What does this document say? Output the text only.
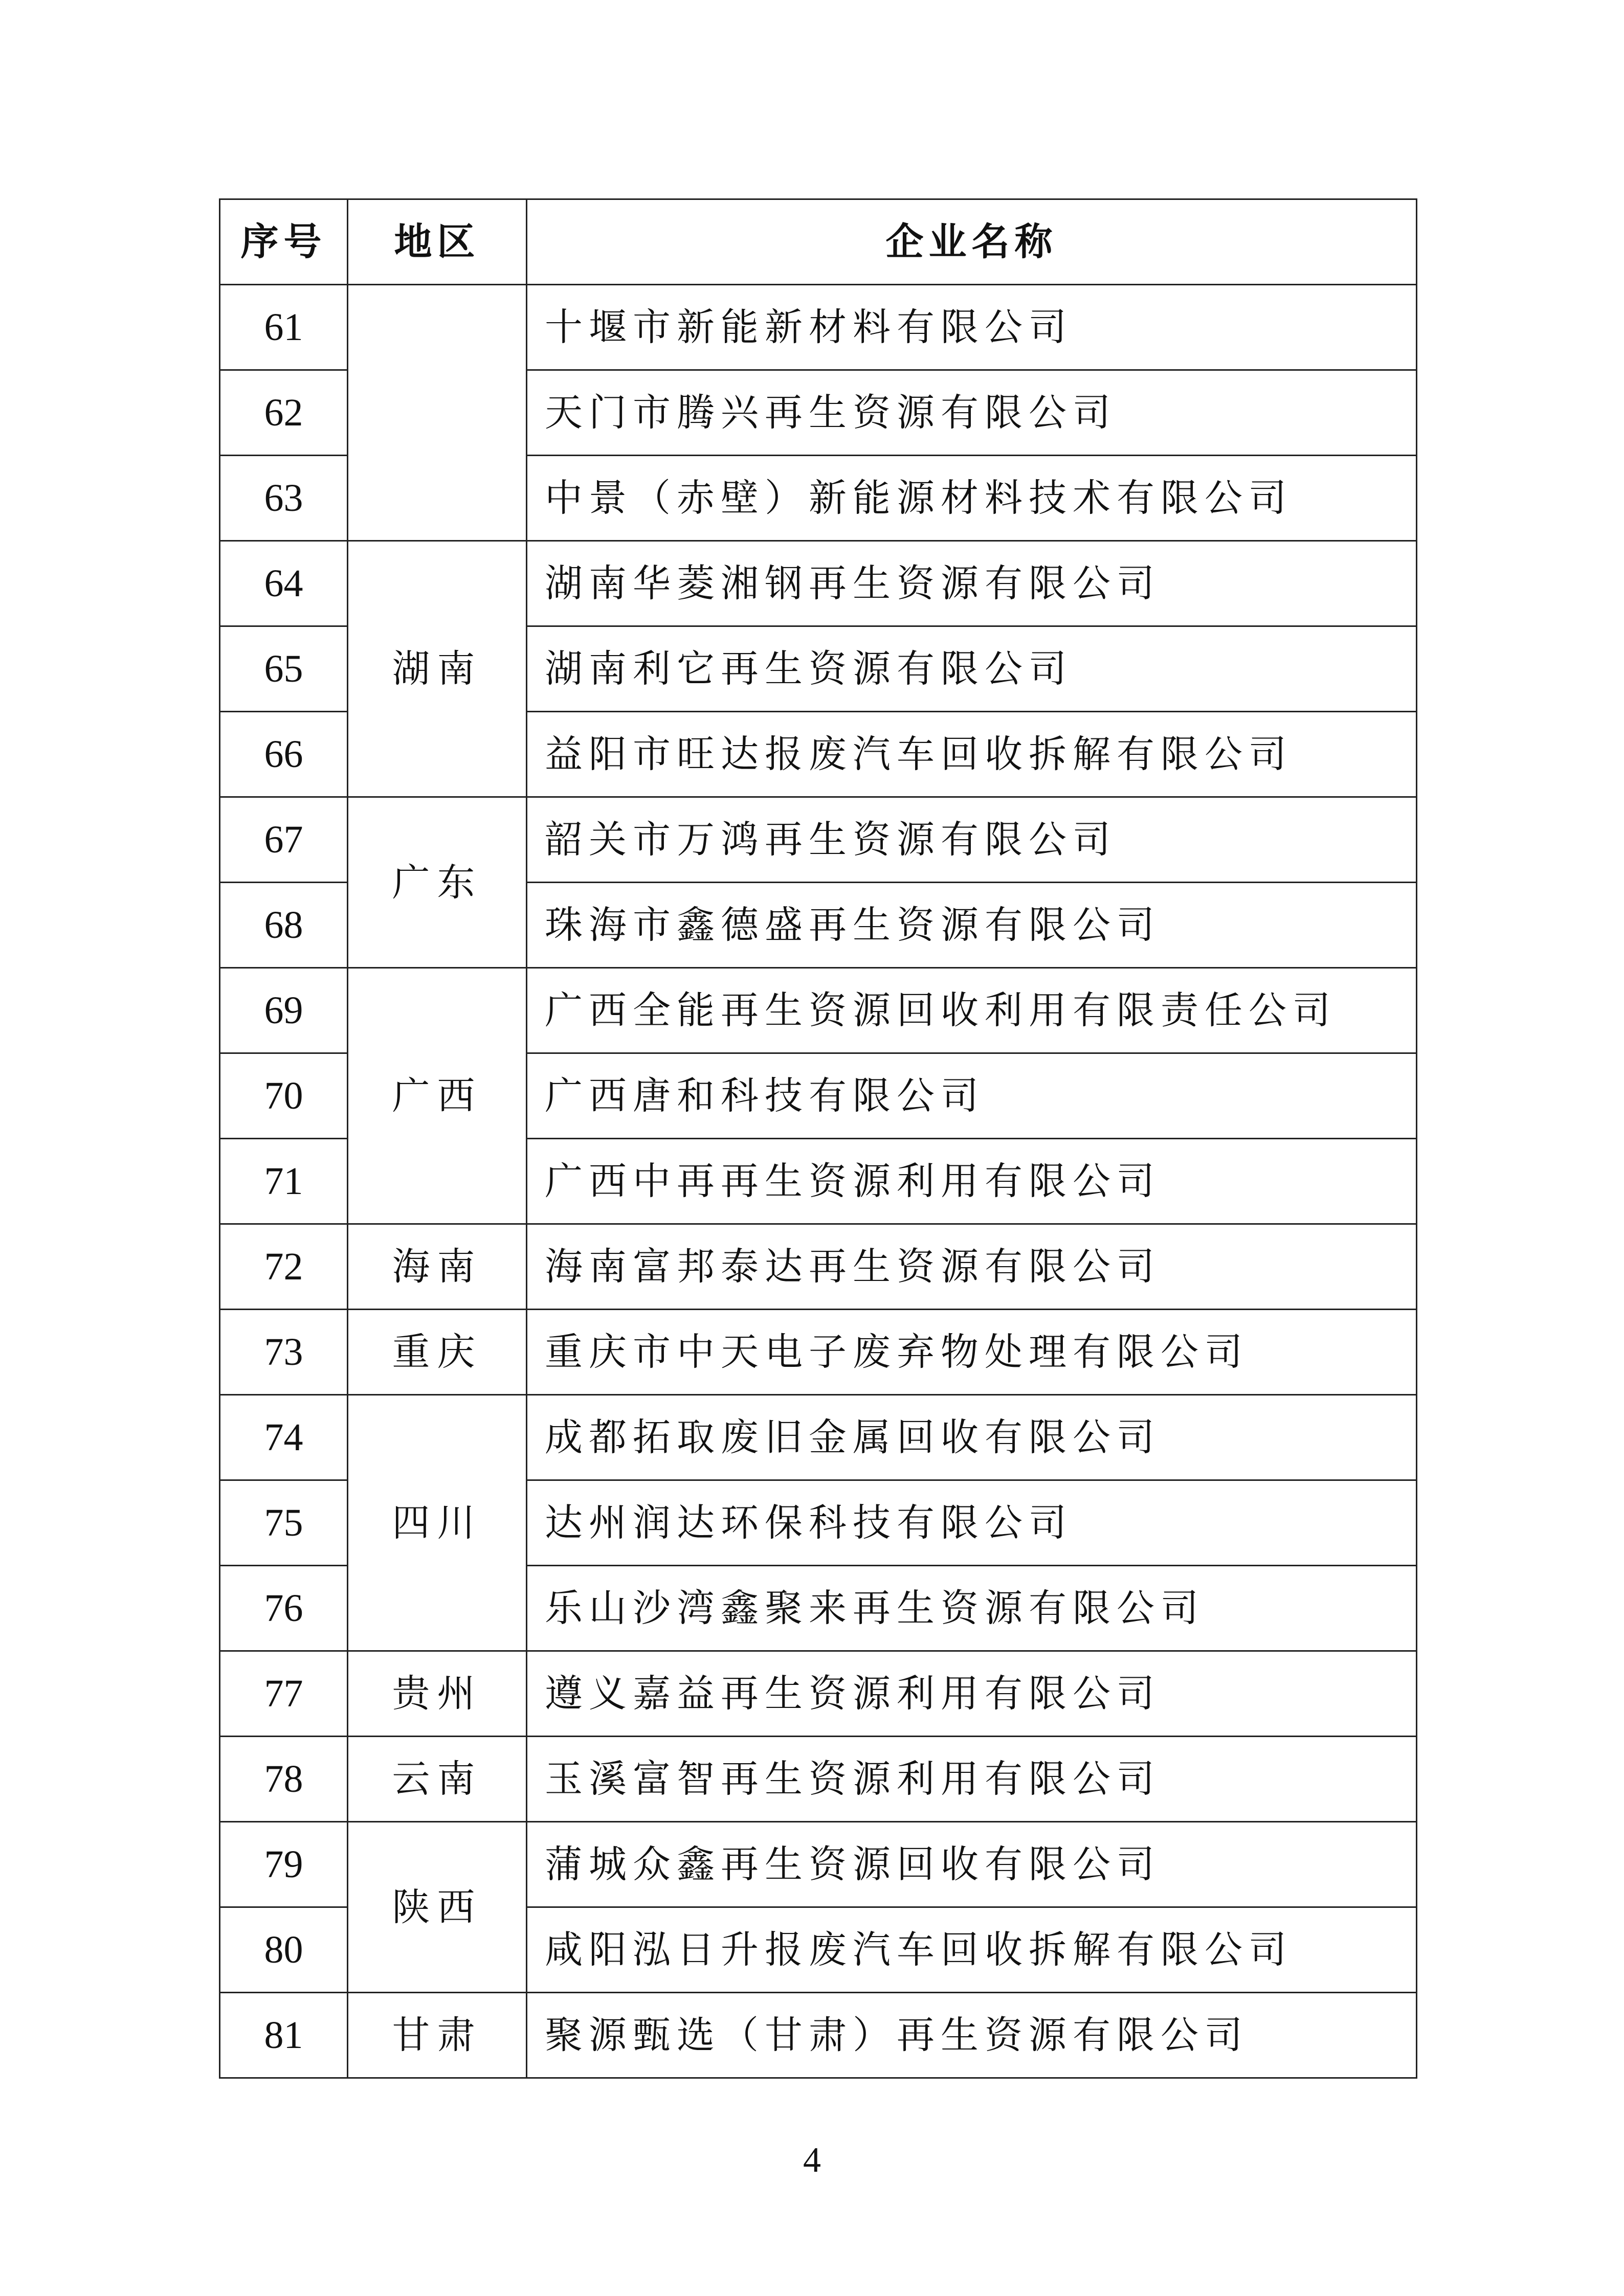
序号	地区	企业名称
61		十堰市新能新材料有限公司
62		天门市腾兴再生资源有限公司
63		中景（赤壁）新能源材料技术有限公司
64	湖南	湖南华菱湘钢再生资源有限公司
65		湖南利它再生资源有限公司
66		益阳市旺达报废汽车回收拆解有限公司
67	广东	韶关市万鸿再生资源有限公司
68		珠海市鑫德盛再生资源有限公司
69	广西	广西全能再生资源回收利用有限责任公司
70		广西唐和科技有限公司
71		广西中再再生资源利用有限公司
72	海南	海南富邦泰达再生资源有限公司
73	重庆	重庆市中天电子废弃物处理有限公司
74	四川	成都拓取废旧金属回收有限公司
75		达州润达环保科技有限公司
76		乐山沙湾鑫聚来再生资源有限公司
77	贵州	遵义嘉益再生资源利用有限公司
78	云南	玉溪富智再生资源利用有限公司
79	陕西	蒲城众鑫再生资源回收有限公司
80		咸阳泓日升报废汽车回收拆解有限公司
81	甘肃	聚源甄选（甘肃）再生资源有限公司
4
